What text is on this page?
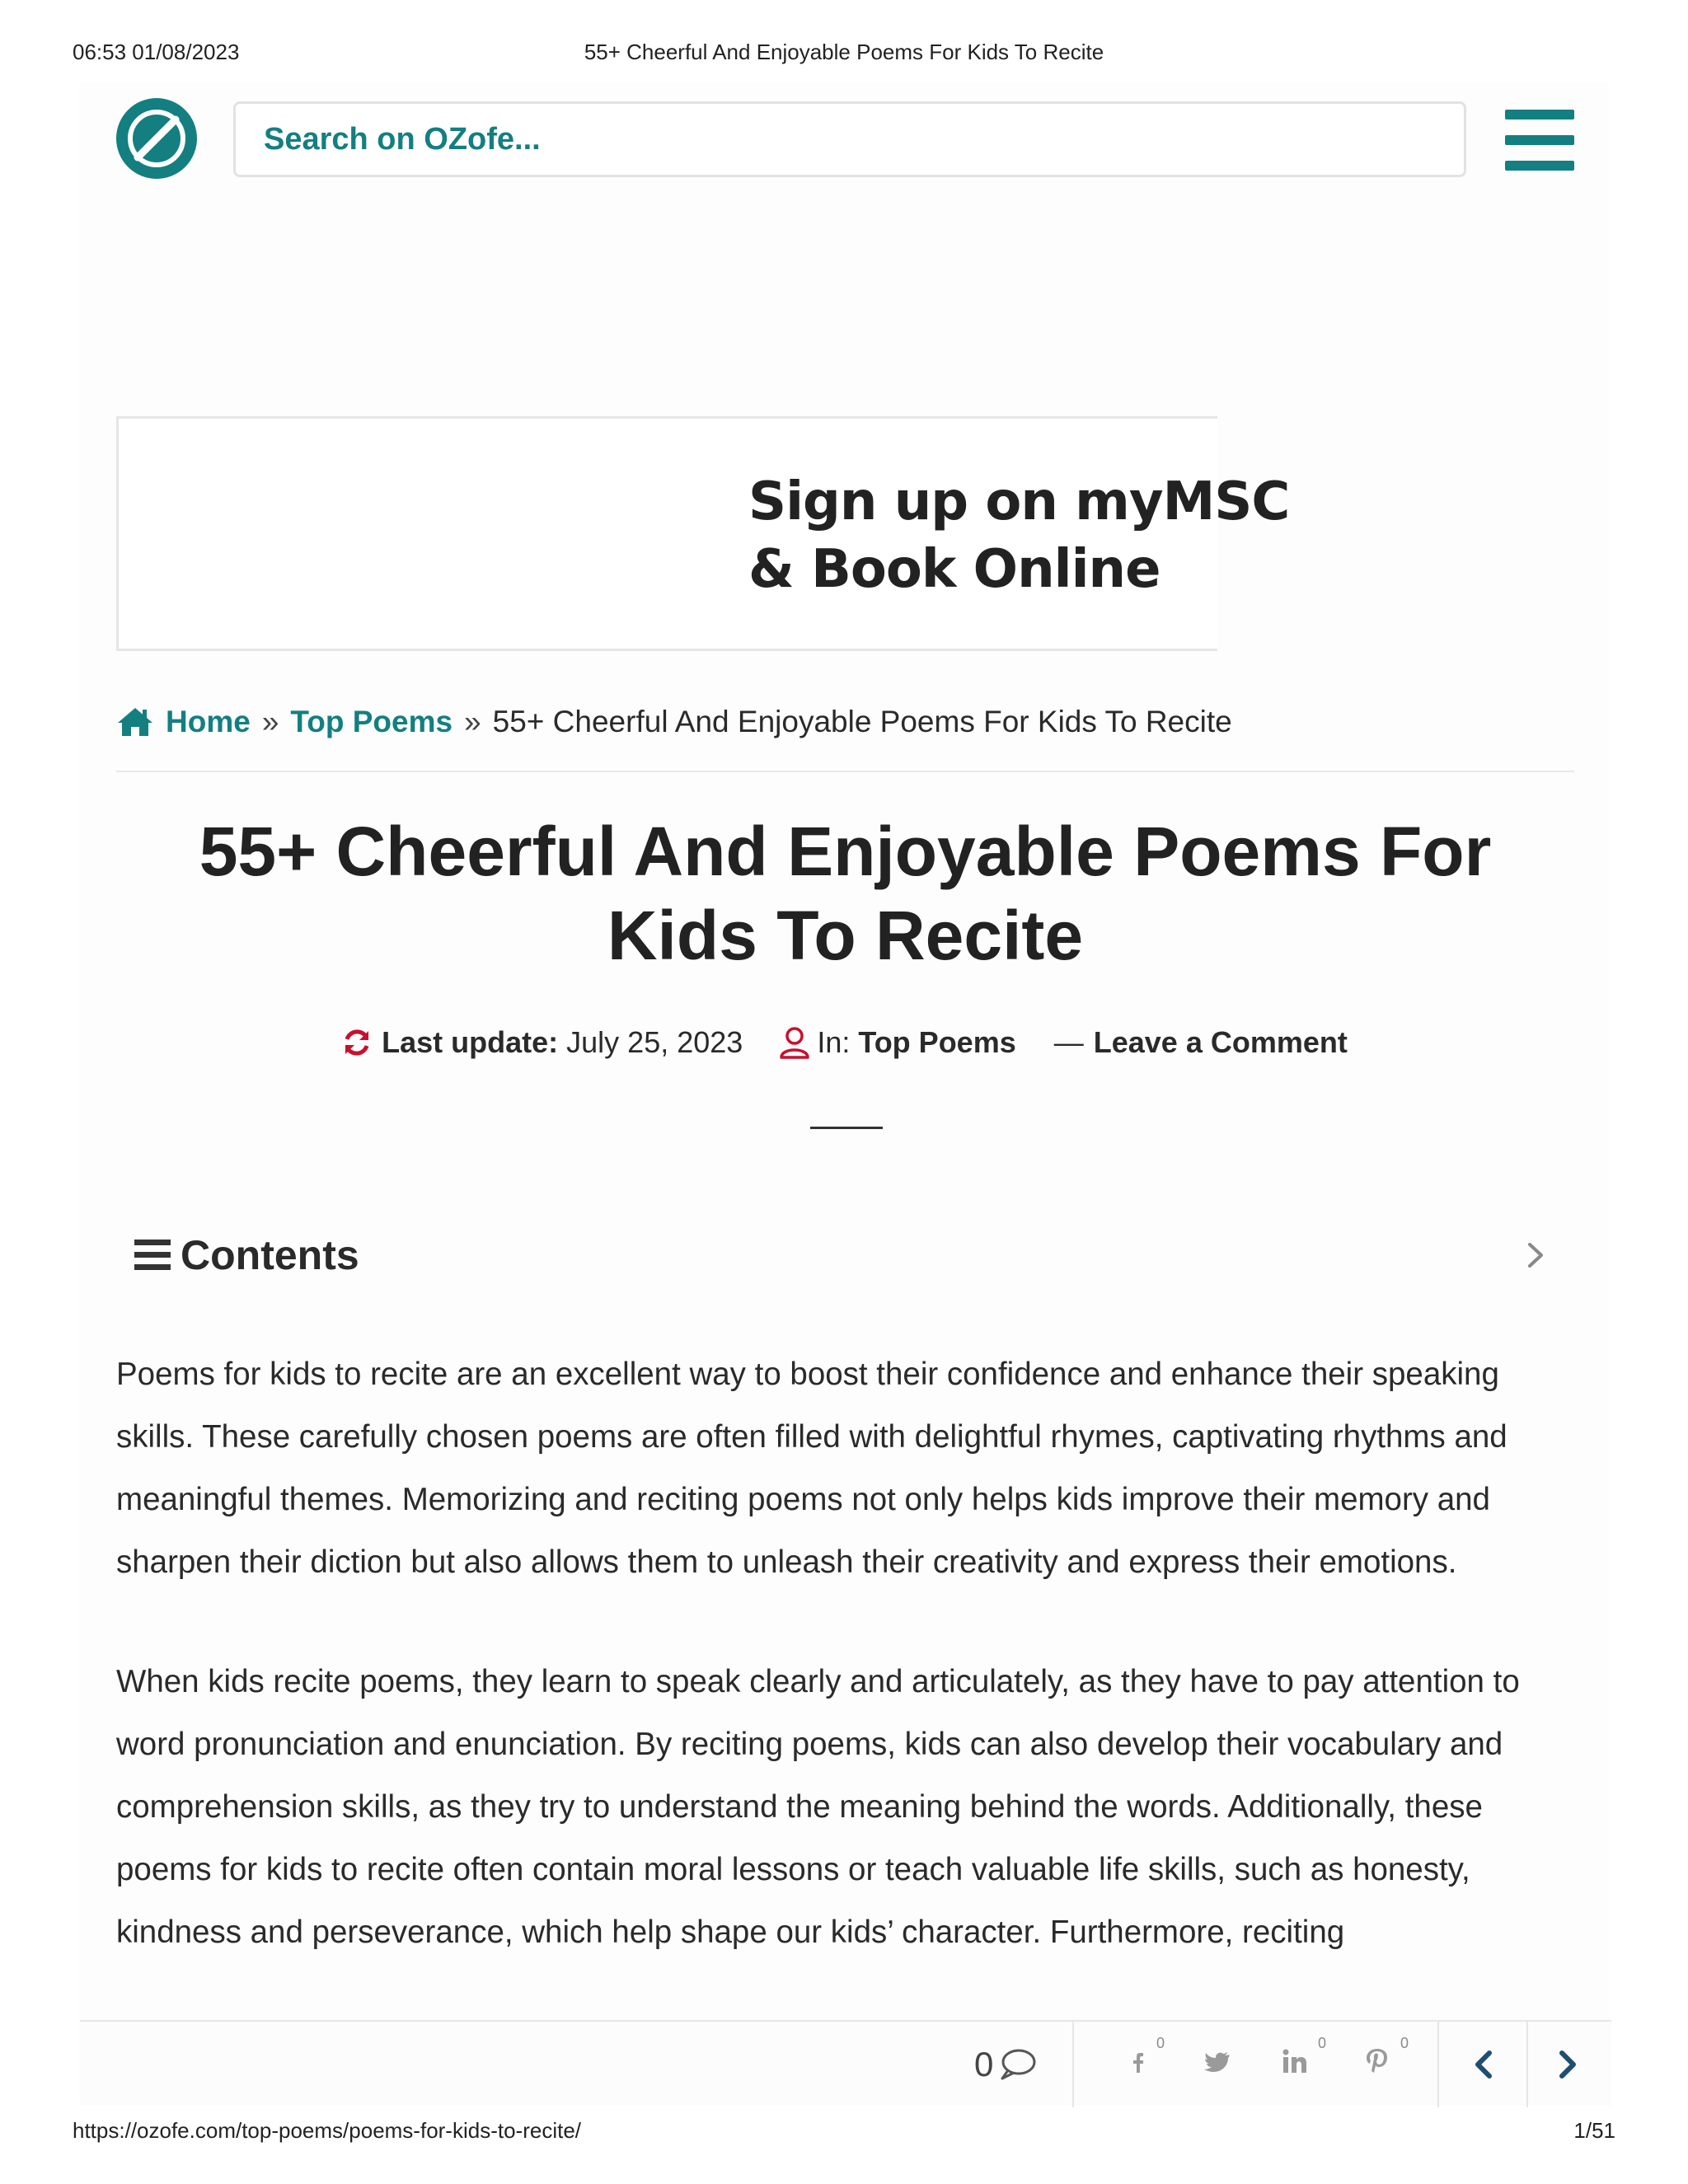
06:53 01/08/2023	55+ Cheerful And Enjoyable Poems For Kids To Recite
Search on OZofe...
Sign up on myMSC
& Book Online
Home » Top Poems » 55+ Cheerful And Enjoyable Poems For Kids To Recite
55+ Cheerful And Enjoyable Poems For Kids To Recite
Last update:
July 25, 2023
	In:
Top Poems
— Leave a Comment
Contents

Poems for kids to recite are an excellent way to boost their confidence and enhance their speaking skills. These carefully chosen poems are often filled with delightful rhymes, captivating rhythms and meaningful themes. Memorizing and reciting poems not only helps kids improve their memory and sharpen their diction but also allows them to unleash their creativity and express their emotions.

When kids recite poems, they learn to speak clearly and articulately, as they have to pay attention to word pronunciation and enunciation. By reciting poems, kids can also develop their vocabulary and comprehension skills, as they try to understand the meaning behind the words. Additionally, these poems for kids to recite often contain moral lessons or teach valuable life skills, such as honesty, kindness and perseverance, which help shape our kids’ character. Furthermore, reciting

0
0	0	0
https://ozofe.com/top-poems/poems-for-kids-to-recite/	1/51
